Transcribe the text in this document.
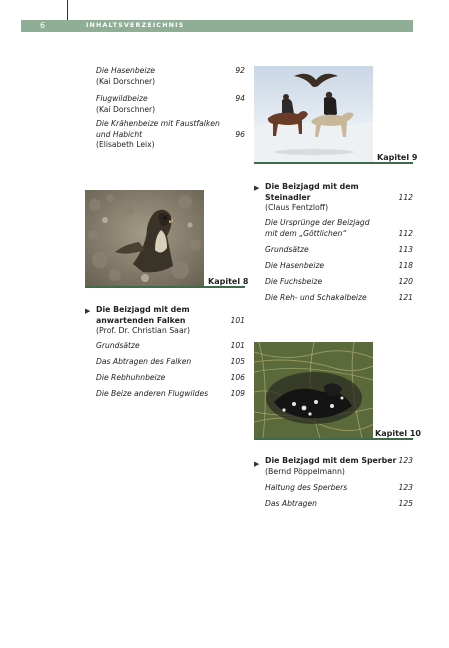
6	INHALTSVERZEICHNIS
Die Hasenbeize
(Kai Dorschner)
92
Flugwildbeize
(Kai Dorschner)
94
Die Krähenbeize mit Faustfalken
und Habicht
(Elisabeth Leix)
96
Kapitel 8
▶ Die Beizjagd mit dem
anwartenden Falken
(Prof. Dr. Christian Saar)
101
Grundsätze	101
Das Abtragen des Falken	105
Die Rebhuhnbeize	106
Die Beize anderen Flugwildes	109
Kapitel 9
▶ Die Beizjagd mit dem
Steinadler
(Claus Fentzloff)
112
Die Ursprünge der Beizjagd
mit dem „Göttlichen“	112
Grundsätze	113
Die Hasenbeize	118
Die Fuchsbeize	120
Die Reh- und Schakalbeize	121
Kapitel 10
▶ Die Beizjagd mit dem Sperber
(Bernd Pöppelmann)
123
Haltung des Sperbers	123
Das Abtragen	125
